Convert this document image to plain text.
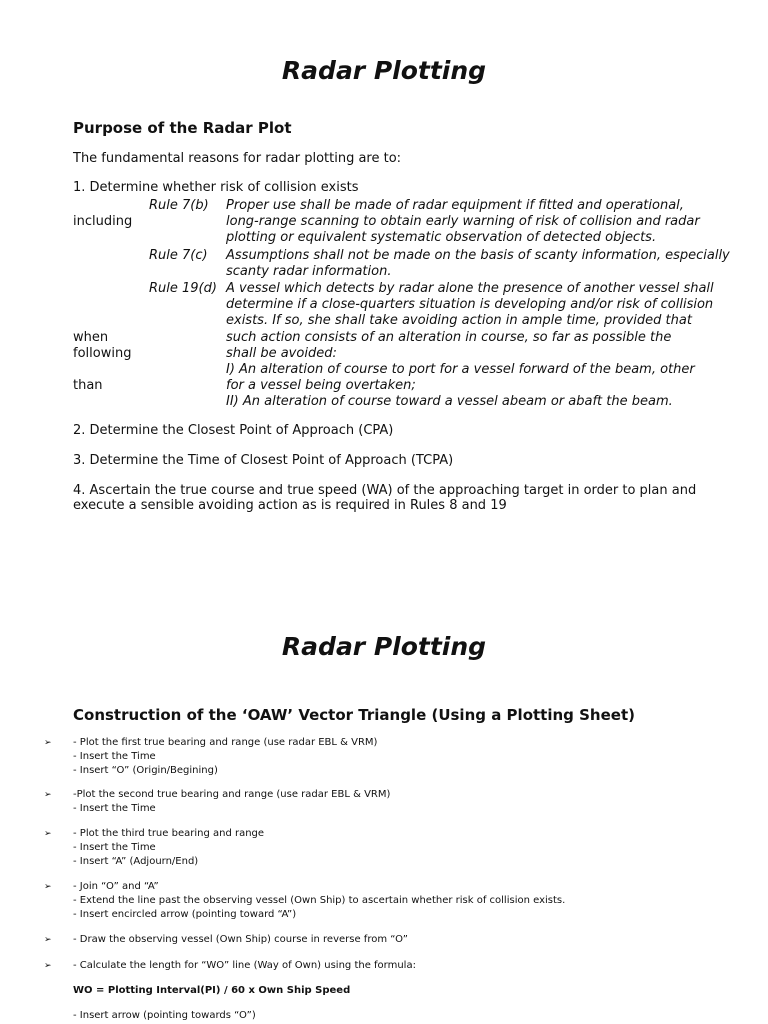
Radar Plotting
Purpose of the Radar Plot
The fundamental reasons for radar plotting are to:
1. Determine whether risk of collision exists

including
Rule 7(b)	Proper use shall be made of radar equipment if fitted and operational,
long-range scanning to obtain early warning of risk of collision and radar
plotting or equivalent systematic observation of detected objects.
Rule 7(c)	Assumptions shall not be made on the basis of scanty information, especially
scanty radar information.

when
following

than
Rule 19(d) A vessel which detects by radar alone the presence of another vessel shall
determine if a close-quarters situation is developing and/or risk of collision
exists. If so, she shall take avoiding action in ample time, provided that
such action consists of an alteration in course, so far as possible the
shall be avoided:
I) An alteration of course to port for a vessel forward of the beam, other
for a vessel being overtaken;
II) An alteration of course toward a vessel abeam or abaft the beam.
2. Determine the Closest Point of Approach (CPA)
3. Determine the Time of Closest Point of Approach (TCPA)
4. Ascertain the true course and true speed (WA) of the approaching target in order to plan and
execute a sensible avoiding action as is required in Rules 8 and 19
Radar Plotting
Construction of the ‘OAW’ Vector Triangle (Using a Plotting Sheet)
➢	- Plot the first true bearing and range (use radar EBL & VRM)
- Insert the Time
- Insert “O” (Origin/Begining)
➢	-Plot the second true bearing and range (use radar EBL & VRM)
- Insert the Time
➢	- Plot the third true bearing and range
- Insert the Time
- Insert “A” (Adjourn/End)
➢	- Join “O” and “A”
- Extend the line past the observing vessel (Own Ship) to ascertain whether risk of collision exists.
- Insert encircled arrow (pointing toward “A”)
➢	- Draw the observing vessel (Own Ship) course in reverse from “O”
➢	- Calculate the length for “WO” line (Way of Own) using the formula:
WO = Plotting Interval(PI) / 60 x Own Ship Speed
- Insert arrow (pointing towards “O”)
